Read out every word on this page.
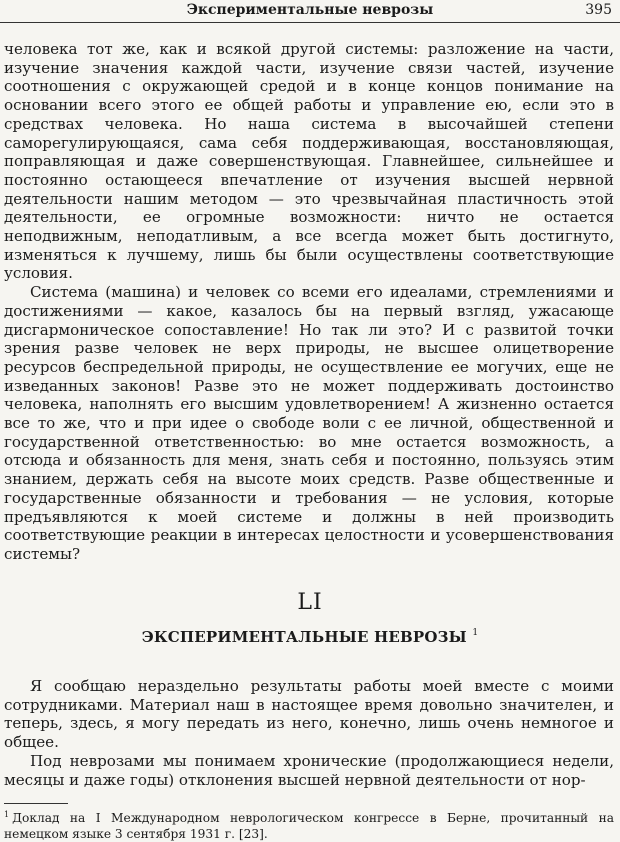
Экспериментальные неврозы	395

человека тот же, как и всякой другой системы: разложение на части, изучение значения каждой части, изучение связи частей, изучение соотношения с окружающей средой и в конце концов понимание на основании всего этого ее общей работы и управление ею, если это в средствах человека. Но наша система в высочайшей степени саморегулирующаяся, сама себя поддерживающая, восстановляющая, поправляющая и даже совершенствующая. Главнейшее, сильнейшее и постоянно остающееся впечатление от изучения высшей нервной деятельности нашим методом — это чрезвычайная пластичность этой деятельности, ее огромные возможности: ничто не остается неподвижным, неподатливым, а все всегда может быть достигнуто, изменяться к лучшему, лишь бы были осуществлены соответствующие условия.

Система (машина) и человек со всеми его идеалами, стремлениями и достижениями — какое, казалось бы на первый взгляд, ужасающе дисгармоническое сопоставление! Но так ли это? И с развитой точки зрения разве человек не верх природы, не высшее олицетворение ресурсов беспредельной природы, не осуществление ее могучих, еще не изведанных законов! Разве это не может поддерживать достоинство человека, наполнять его высшим удовлетворением! А жизненно остается все то же, что и при идее о свободе воли с ее личной, общественной и государственной ответственностью: во мне остается возможность, а отсюда и обязанность для меня, знать себя и постоянно, пользуясь этим знанием, держать себя на высоте моих средств. Разве общественные и государственные обязанности и требования — не условия, которые предъявляются к моей системе и должны в ней производить соответствующие реакции в интересах целостности и усовершенствования системы?

LI
ЭКСПЕРИМЕНТАЛЬНЫЕ НЕВРОЗЫ $^1$

Я сообщаю нераздельно результаты работы моей вместе с моими сотрудниками. Материал наш в настоящее время довольно значителен, и теперь, здесь, я могу передать из него, конечно, лишь очень немногое и общее.

Под неврозами мы понимаем хронические (продолжающиеся недели, месяцы и даже годы) отклонения высшей нервной деятельности от нор-

$^1$ Доклад на I Международном неврологическом конгрессе в Берне, прочитанный на немецком языке 3 сентября 1931 г. [23].
